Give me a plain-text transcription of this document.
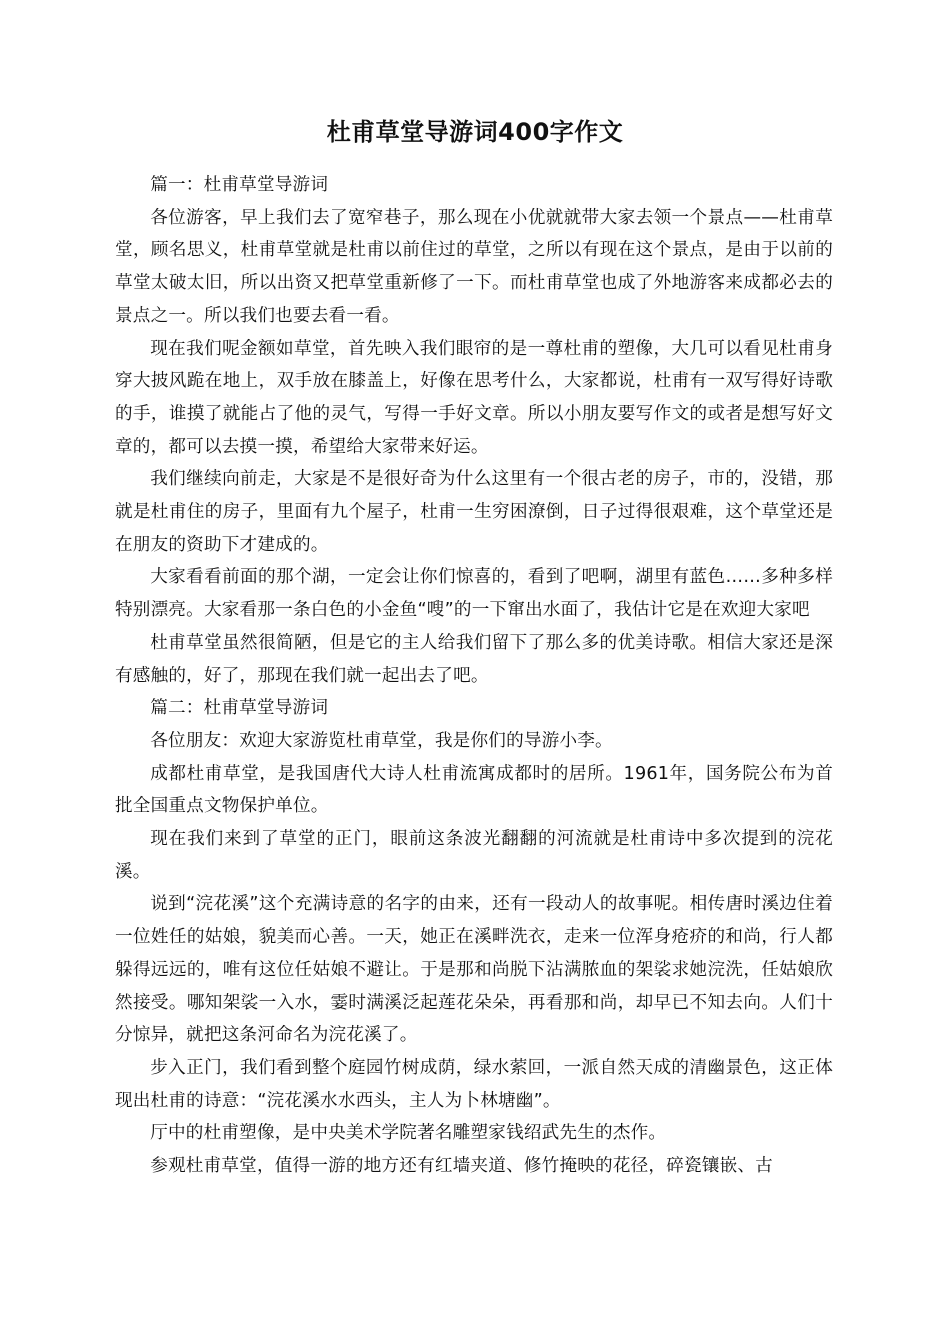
杜甫草堂导游词400字作文

篇一：杜甫草堂导游词

各位游客，早上我们去了宽窄巷子，那么现在小优就就带大家去领一个景点——杜甫草堂，顾名思义，杜甫草堂就是杜甫以前住过的草堂，之所以有现在这个景点，是由于以前的草堂太破太旧，所以出资又把草堂重新修了一下。而杜甫草堂也成了外地游客来成都必去的景点之一。所以我们也要去看一看。

现在我们呢金额如草堂，首先映入我们眼帘的是一尊杜甫的塑像，大几可以看见杜甫身穿大披风跪在地上，双手放在膝盖上，好像在思考什么，大家都说，杜甫有一双写得好诗歌的手，谁摸了就能占了他的灵气，写得一手好文章。所以小朋友要写作文的或者是想写好文章的，都可以去摸一摸，希望给大家带来好运。

我们继续向前走，大家是不是很好奇为什么这里有一个很古老的房子，市的，没错，那就是杜甫住的房子，里面有九个屋子，杜甫一生穷困潦倒，日子过得很艰难，这个草堂还是在朋友的资助下才建成的。

大家看看前面的那个湖，一定会让你们惊喜的，看到了吧啊，湖里有蓝色……多种多样特别漂亮。大家看那一条白色的小金鱼“嗖”的一下窜出水面了，我估计它是在欢迎大家吧

杜甫草堂虽然很简陋，但是它的主人给我们留下了那么多的优美诗歌。相信大家还是深有感触的，好了，那现在我们就一起出去了吧。

篇二：杜甫草堂导游词

各位朋友：欢迎大家游览杜甫草堂，我是你们的导游小李。

成都杜甫草堂，是我国唐代大诗人杜甫流寓成都时的居所。1961年，国务院公布为首批全国重点文物保护单位。

现在我们来到了草堂的正门，眼前这条波光翻翻的河流就是杜甫诗中多次提到的浣花溪。

说到“浣花溪”这个充满诗意的名字的由来，还有一段动人的故事呢。相传唐时溪边住着一位姓任的姑娘，貌美而心善。一天，她正在溪畔洗衣，走来一位浑身疮疥的和尚，行人都躲得远远的，唯有这位任姑娘不避让。于是那和尚脱下沾满脓血的架裟求她浣洗，任姑娘欣然接受。哪知架裟一入水，霎时满溪泛起莲花朵朵，再看那和尚，却早已不知去向。人们十分惊异，就把这条河命名为浣花溪了。

步入正门，我们看到整个庭园竹树成荫，绿水萦回，一派自然天成的清幽景色，这正体现出杜甫的诗意：“浣花溪水水西头，主人为卜林塘幽”。

厅中的杜甫塑像，是中央美术学院著名雕塑家钱绍武先生的杰作。

参观杜甫草堂，值得一游的地方还有红墙夹道、修竹掩映的花径，碎瓷镶嵌、古
